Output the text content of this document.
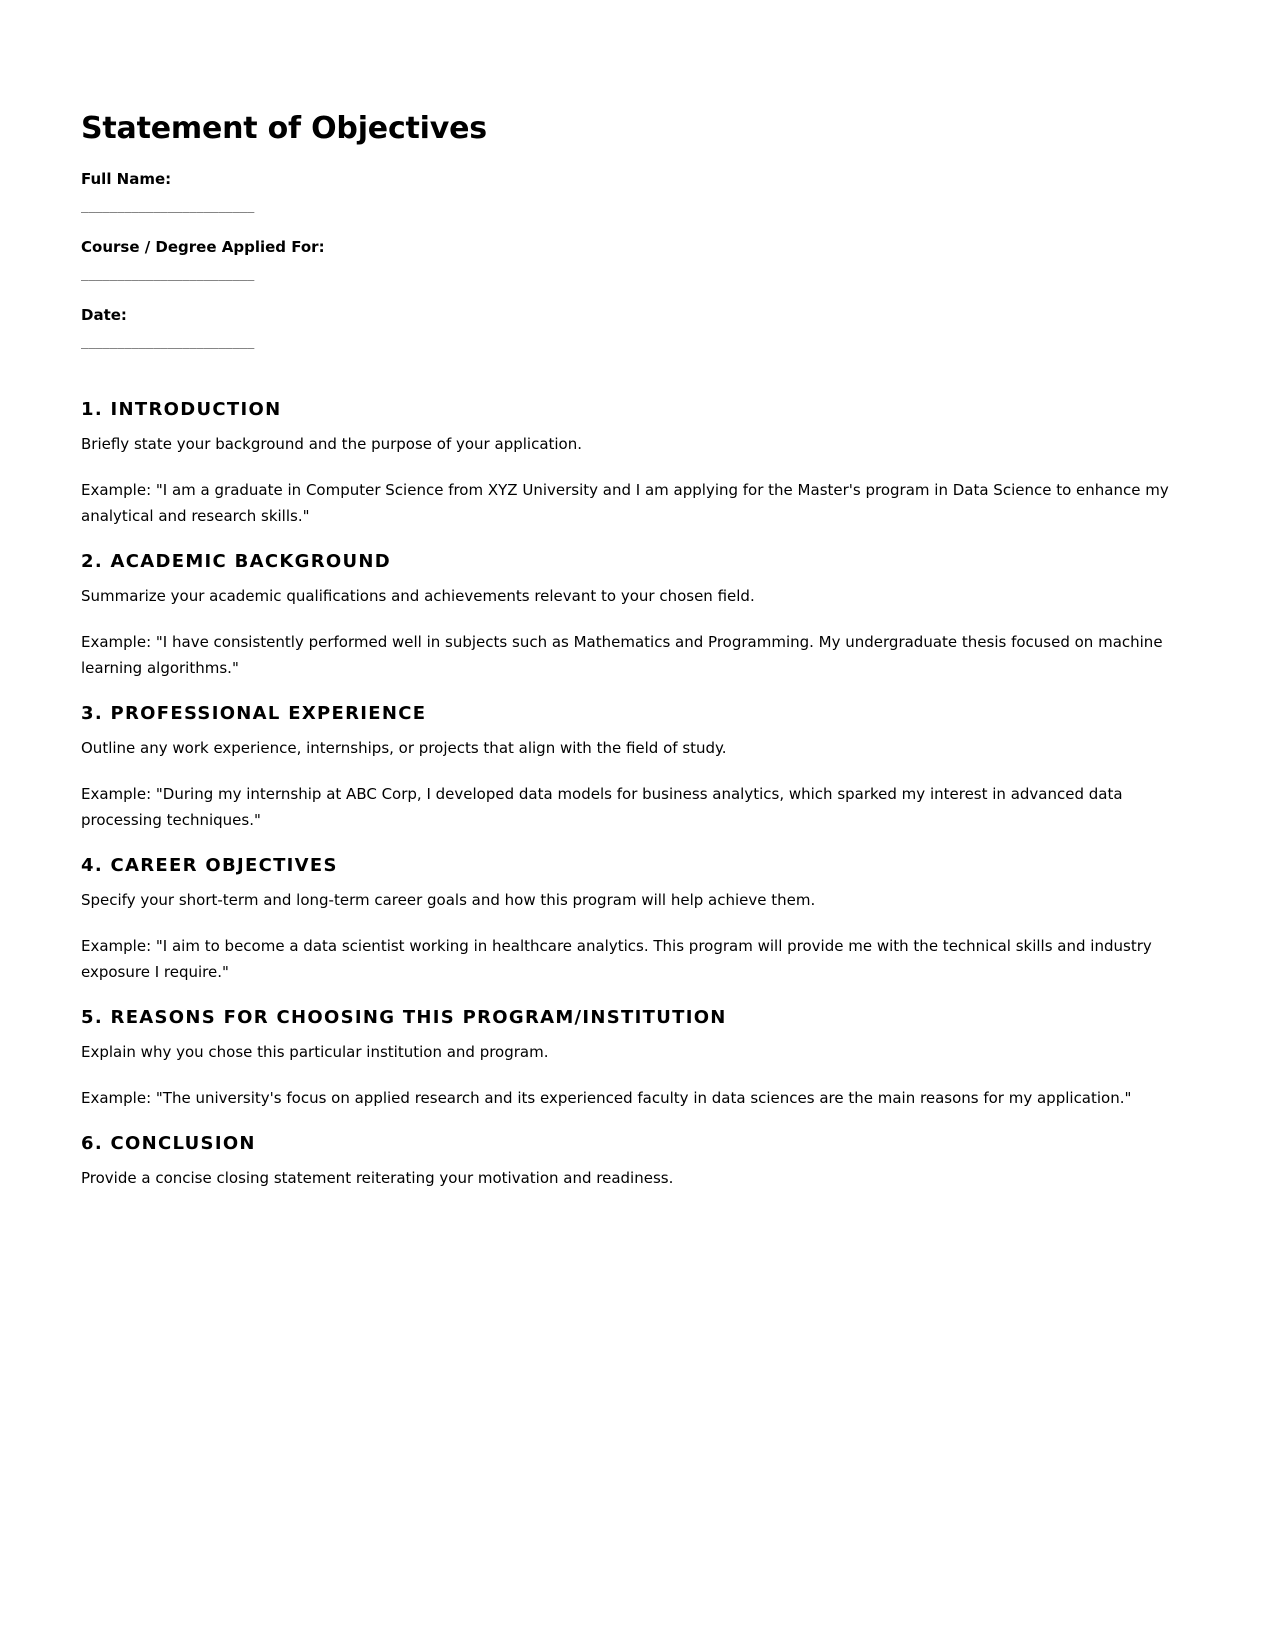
Statement of Objectives
Full Name:
________________________
Course / Degree Applied For:
________________________
Date:
________________________
1. INTRODUCTION

Briefly state your background and the purpose of your application.

Example: "I am a graduate in Computer Science from XYZ University and I am applying for the Master's program in Data Science to enhance my analytical and research skills."

2. ACADEMIC BACKGROUND

Summarize your academic qualifications and achievements relevant to your chosen field.

Example: "I have consistently performed well in subjects such as Mathematics and Programming. My undergraduate thesis focused on machine learning algorithms."

3. PROFESSIONAL EXPERIENCE

Outline any work experience, internships, or projects that align with the field of study.

Example: "During my internship at ABC Corp, I developed data models for business analytics, which sparked my interest in advanced data processing techniques."

4. CAREER OBJECTIVES

Specify your short-term and long-term career goals and how this program will help achieve them.

Example: "I aim to become a data scientist working in healthcare analytics. This program will provide me with the technical skills and industry exposure I require."

5. REASONS FOR CHOOSING THIS PROGRAM/INSTITUTION

Explain why you chose this particular institution and program.

Example: "The university's focus on applied research and its experienced faculty in data sciences are the main reasons for my application."

6. CONCLUSION

Provide a concise closing statement reiterating your motivation and readiness.
